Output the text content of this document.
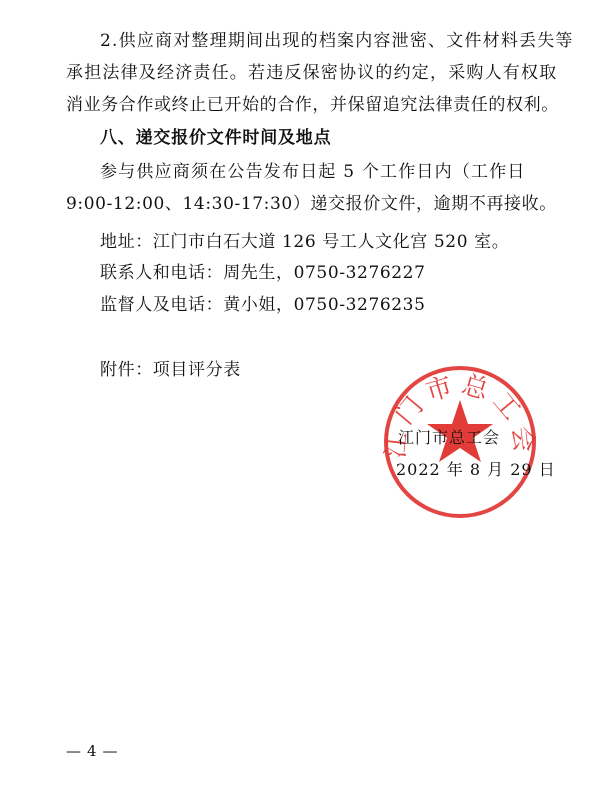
2.供应商对整理期间出现的档案内容泄密、文件材料丢失等
承担法律及经济责任。若违反保密协议的约定，采购人有权取
消业务合作或终止已开始的合作，并保留追究法律责任的权利。
八、递交报价文件时间及地点
参与供应商须在公告发布日起 5 个工作日内（工作日
9:00-12:00、14:30-17:30）递交报价文件，逾期不再接收。
地址：江门市白石大道 126 号工人文化宫 520 室。
联系人和电话：周先生，0750-3276227
监督人及电话：黄小姐，0750-3276235
附件：项目评分表
江门市总工会
江门市总工会
2022 年 8 月 29 日
— 4 —
